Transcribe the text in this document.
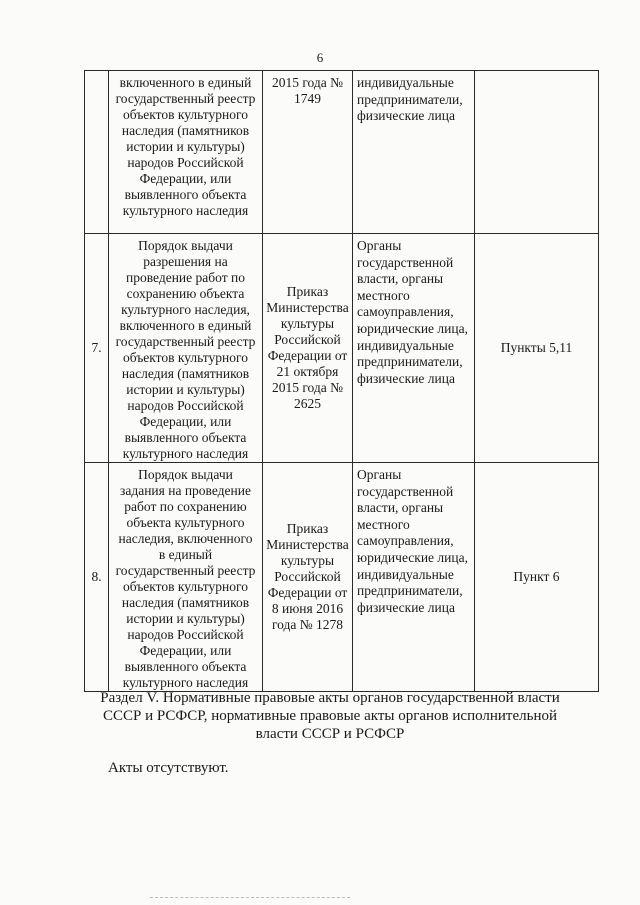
6
	включенного в единый государственный реестр объектов культурного наследия (памятников истории и культуры) народов Российской Федерации, или выявленного объекта культурного наследия	2015 года № 1749	индивидуальные предприниматели, физические лица	
7.	Порядок выдачи разрешения на проведение работ по сохранению объекта культурного наследия, включенного в единый государственный реестр объектов культурного наследия (памятников истории и культуры) народов Российской Федерации, или выявленного объекта культурного наследия	Приказ Министерства культуры Российской Федерации от 21 октября 2015 года № 2625	Органы государственной власти, органы местного самоуправления, юридические лица, индивидуальные предприниматели, физические лица	Пункты 5,11
8.	Порядок выдачи задания на проведение работ по сохранению объекта культурного наследия, включенного в единый государственный реестр объектов культурного наследия (памятников истории и культуры) народов Российской Федерации, или выявленного объекта культурного наследия	Приказ Министерства культуры Российской Федерации от 8 июня 2016 года № 1278	Органы государственной власти, органы местного самоуправления, юридические лица, индивидуальные предприниматели, физические лица	Пункт 6
Раздел V. Нормативные правовые акты органов государственной власти СССР и РСФСР, нормативные правовые акты органов исполнительной власти СССР и РСФСР
Акты отсутствуют.
